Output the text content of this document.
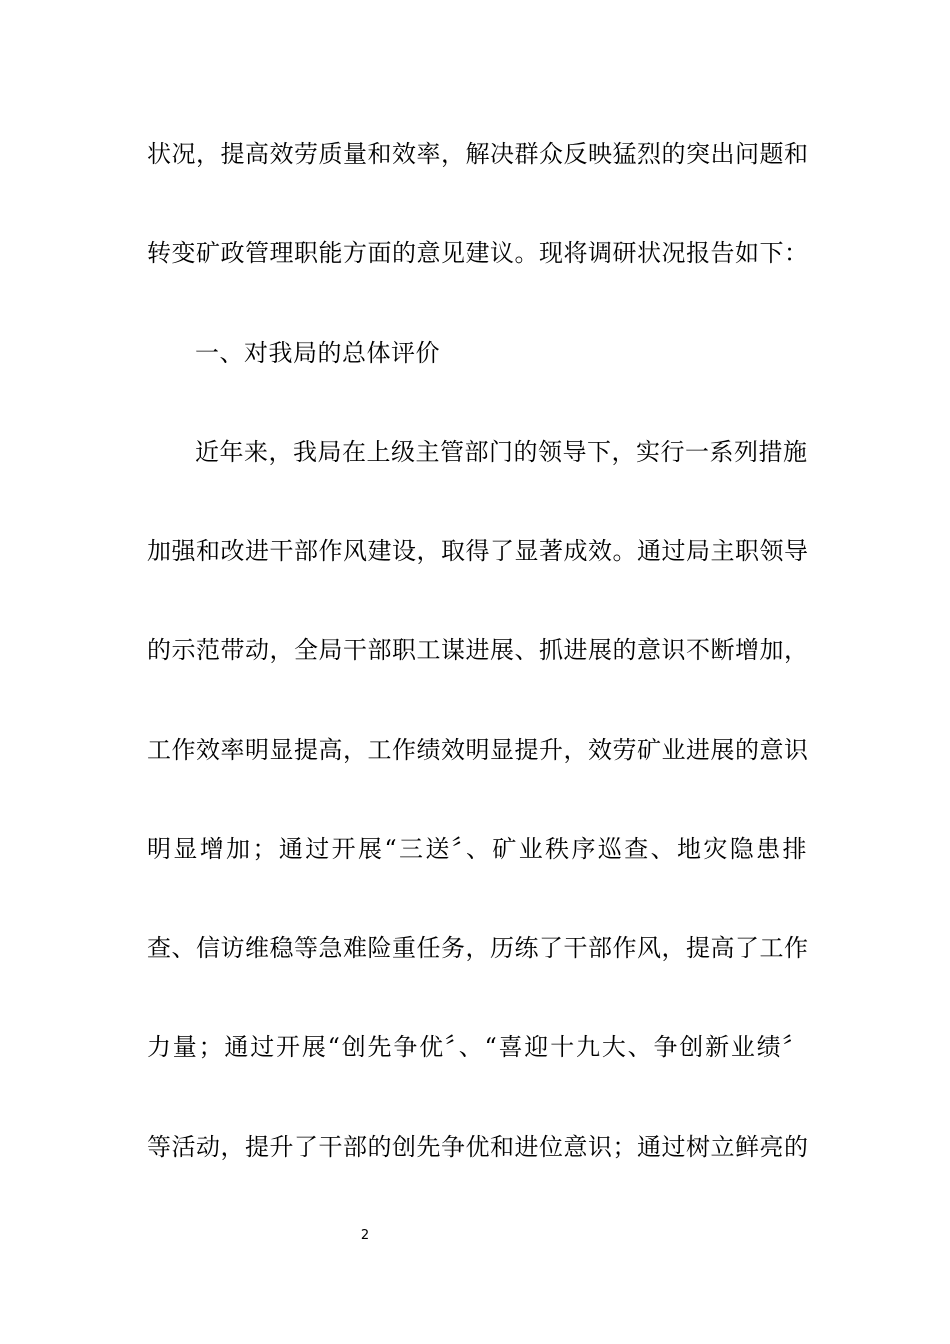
状况，提高效劳质量和效率，解决群众反映猛烈的突出问题和
转变矿政管理职能方面的意见建议。现将调研状况报告如下：
一、对我局的总体评价
近年来，我局在上级主管部门的领导下，实行一系列措施
加强和改进干部作风建设，取得了显著成效。通过局主职领导
的示范带动，全局干部职工谋进展、抓进展的意识不断增加，
工作效率明显提高，工作绩效明显提升，效劳矿业进展的意识
明显增加；通过开展“三送〞、矿业秩序巡查、地灾隐患排
查、信访维稳等急难险重任务，历练了干部作风，提高了工作
力量；通过开展“创先争优〞、“喜迎十九大、争创新业绩〞
等活动，提升了干部的创先争优和进位意识；通过树立鲜亮的
2
